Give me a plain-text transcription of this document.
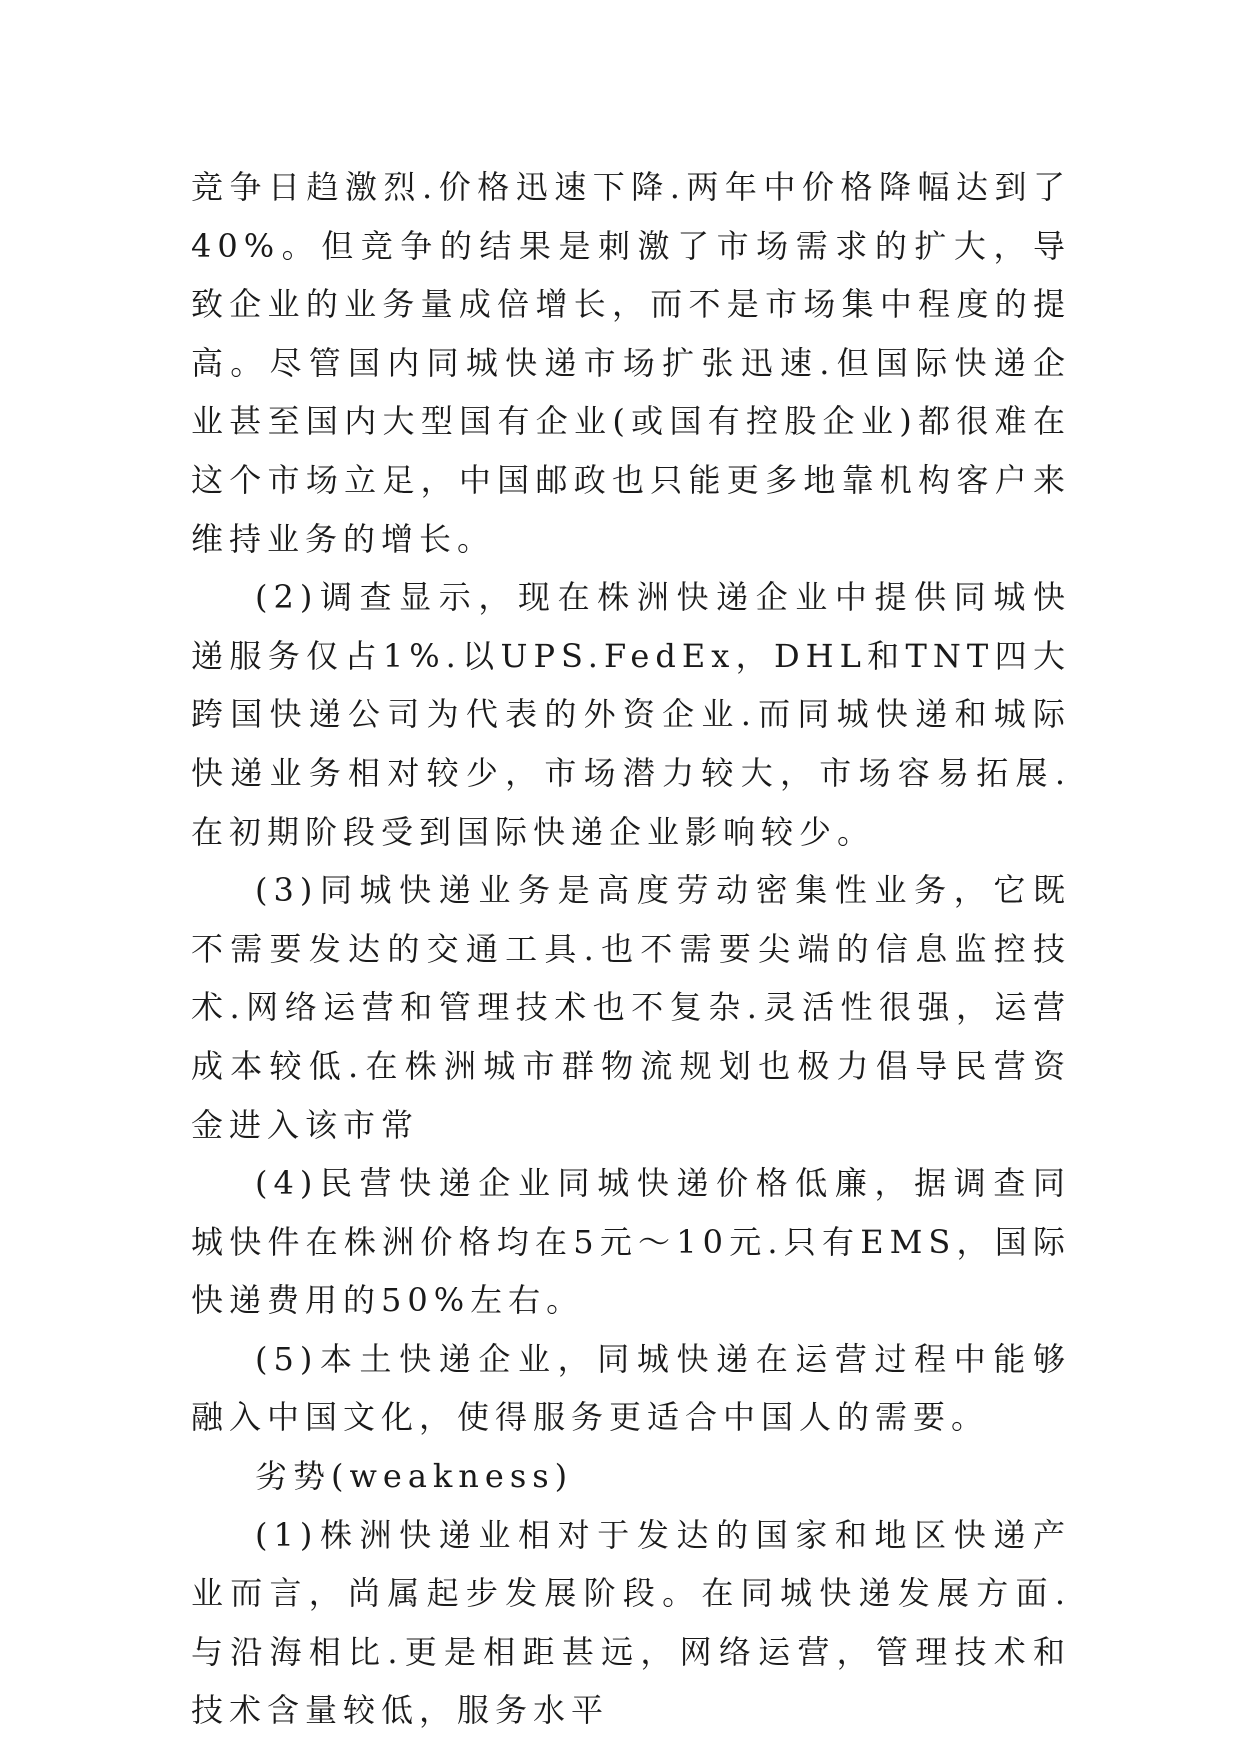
竞争日趋激烈.价格迅速下降.两年中价格降幅达到了40%。但竞争的结果是刺激了市场需求的扩大，导致企业的业务量成倍增长，而不是市场集中程度的提高。尽管国内同城快递市场扩张迅速.但国际快递企业甚至国内大型国有企业(或国有控股企业)都很难在这个市场立足，中国邮政也只能更多地靠机构客户来维持业务的增长。

(2)调查显示，现在株洲快递企业中提供同城快递服务仅占1%.以UPS.FedEx，DHL和TNT四大跨国快递公司为代表的外资企业.而同城快递和城际快递业务相对较少，市场潜力较大，市场容易拓展.在初期阶段受到国际快递企业影响较少。

(3)同城快递业务是高度劳动密集性业务，它既不需要发达的交通工具.也不需要尖端的信息监控技术.网络运营和管理技术也不复杂.灵活性很强，运营成本较低.在株洲城市群物流规划也极力倡导民营资金进入该市常

(4)民营快递企业同城快递价格低廉，据调查同城快件在株洲价格均在5元～10元.只有EMS，国际快递费用的50%左右。

(5)本土快递企业，同城快递在运营过程中能够融入中国文化，使得服务更适合中国人的需要。

劣势(weakness)

(1)株洲快递业相对于发达的国家和地区快递产业而言，尚属起步发展阶段。在同城快递发展方面.与沿海相比.更是相距甚远，网络运营，管理技术和技术含量较低，服务水平
